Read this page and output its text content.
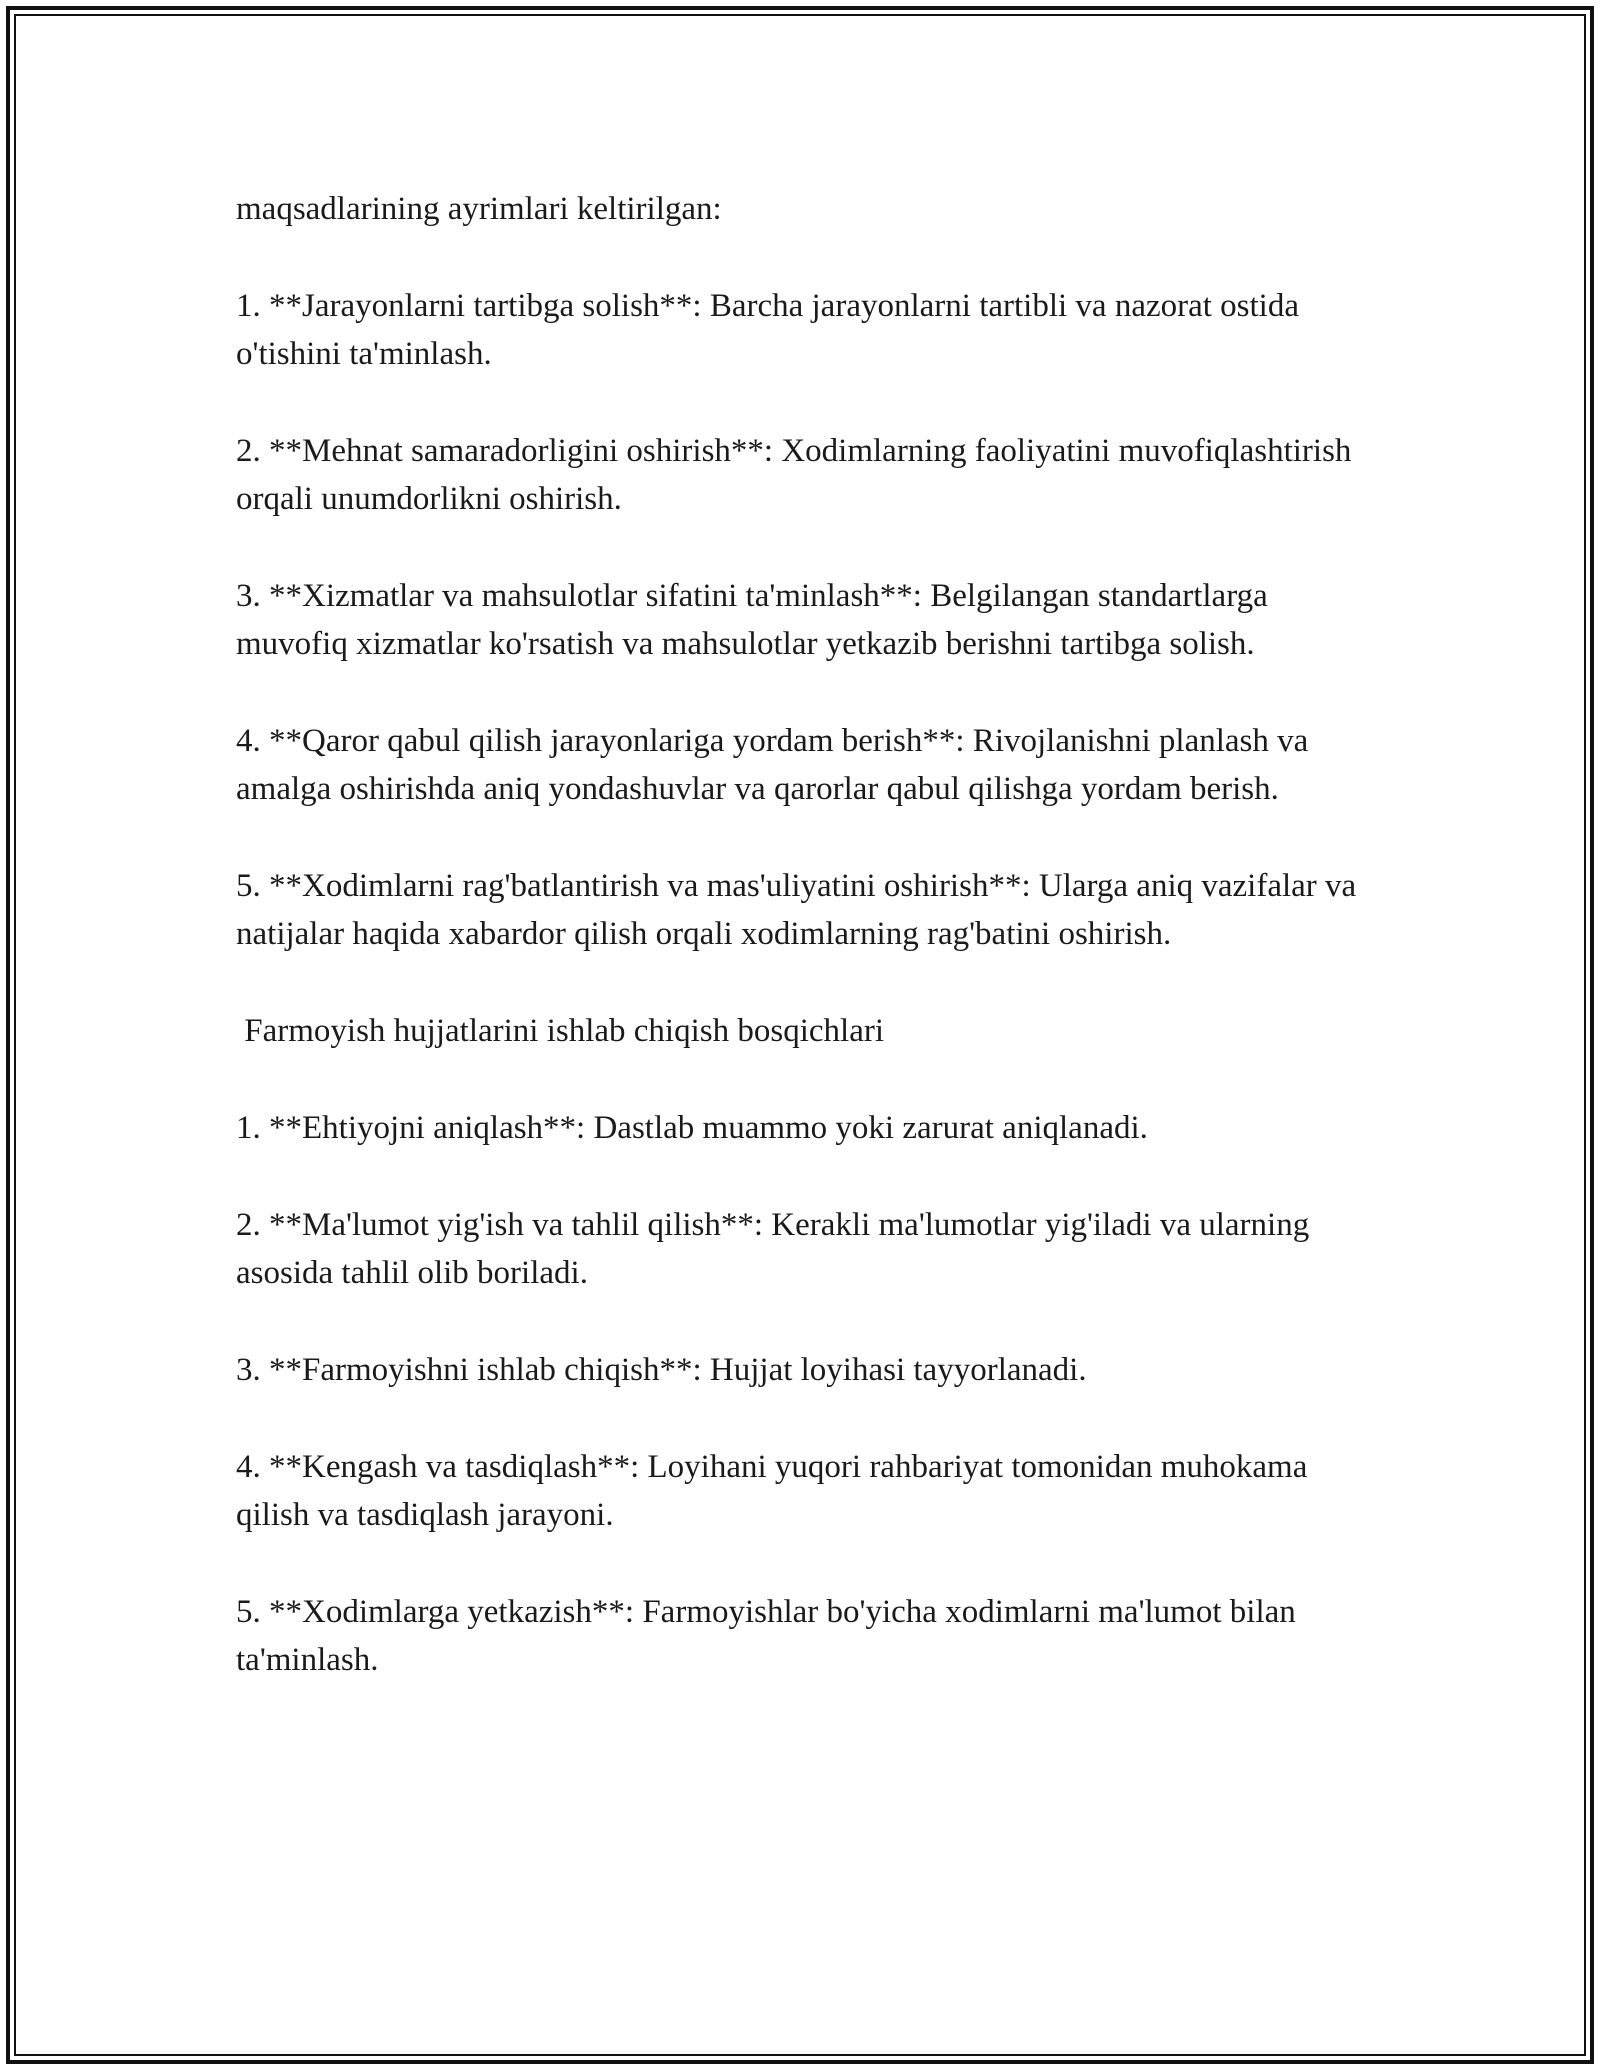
maqsadlarining ayrimlari keltirilgan:

1. **Jarayonlarni tartibga solish**: Barcha jarayonlarni tartibli va nazorat ostida o'tishini ta'minlash.

2. **Mehnat samaradorligini oshirish**: Xodimlarning faoliyatini muvofiqlashtirish orqali unumdorlikni oshirish.

3. **Xizmatlar va mahsulotlar sifatini ta'minlash**: Belgilangan standartlarga muvofiq xizmatlar ko'rsatish va mahsulotlar yetkazib berishni tartibga solish.

4. **Qaror qabul qilish jarayonlariga yordam berish**: Rivojlanishni planlash va amalga oshirishda aniq yondashuvlar va qarorlar qabul qilishga yordam berish.

5. **Xodimlarni rag'batlantirish va mas'uliyatini oshirish**: Ularga aniq vazifalar va natijalar haqida xabardor qilish orqali xodimlarning rag'batini oshirish.

Farmoyish hujjatlarini ishlab chiqish bosqichlari

1. **Ehtiyojni aniqlash**: Dastlab muammo yoki zarurat aniqlanadi.

2. **Ma'lumot yig'ish va tahlil qilish**: Kerakli ma'lumotlar yig'iladi va ularning asosida tahlil olib boriladi.

3. **Farmoyishni ishlab chiqish**: Hujjat loyihasi tayyorlanadi.

4. **Kengash va tasdiqlash**: Loyihani yuqori rahbariyat tomonidan muhokama qilish va tasdiqlash jarayoni.

5. **Xodimlarga yetkazish**: Farmoyishlar bo'yicha xodimlarni ma'lumot bilan ta'minlash.
